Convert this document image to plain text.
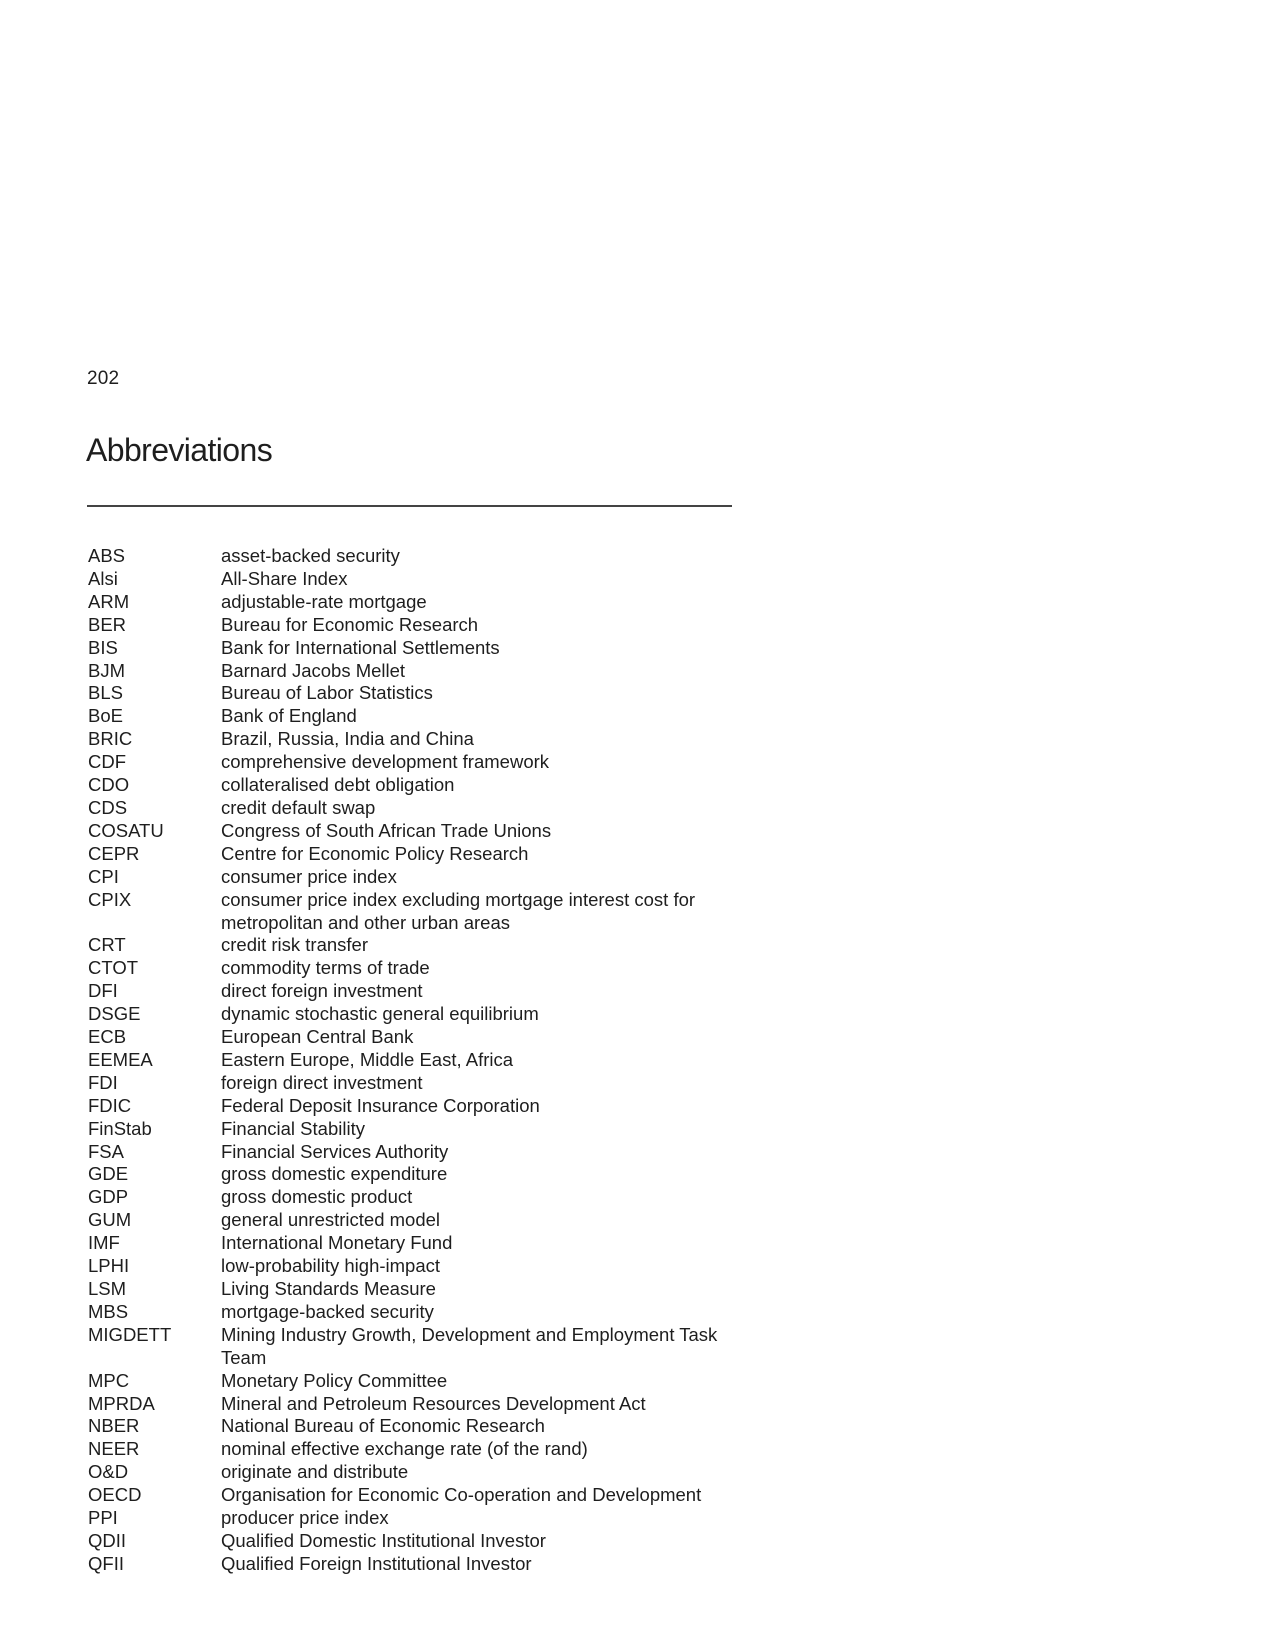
202
Abbreviations
ABS	asset-backed security
Alsi	All-Share Index
ARM	adjustable-rate mortgage
BER	Bureau for Economic Research
BIS	Bank for International Settlements
BJM	Barnard Jacobs Mellet
BLS	Bureau of Labor Statistics
BoE	Bank of England
BRIC	Brazil, Russia, India and China
CDF	comprehensive development framework
CDO	collateralised debt obligation
CDS	credit default swap
COSATU	Congress of South African Trade Unions
CEPR	Centre for Economic Policy Research
CPI	consumer price index
CPIX	consumer price index excluding mortgage interest cost for metropolitan and other urban areas
CRT	credit risk transfer
CTOT	commodity terms of trade
DFI	direct foreign investment
DSGE	dynamic stochastic general equilibrium
ECB	European Central Bank
EEMEA	Eastern Europe, Middle East, Africa
FDI	foreign direct investment
FDIC	Federal Deposit Insurance Corporation
FinStab	Financial Stability
FSA	Financial Services Authority
GDE	gross domestic expenditure
GDP	gross domestic product
GUM	general unrestricted model
IMF	International Monetary Fund
LPHI	low-probability high-impact
LSM	Living Standards Measure
MBS	mortgage-backed security
MIGDETT	Mining Industry Growth, Development and Employment Task Team
MPC	Monetary Policy Committee
MPRDA	Mineral and Petroleum Resources Development Act
NBER	National Bureau of Economic Research
NEER	nominal effective exchange rate (of the rand)
O&D	originate and distribute
OECD	Organisation for Economic Co-operation and Development
PPI	producer price index
QDII	Qualified Domestic Institutional Investor
QFII	Qualified Foreign Institutional Investor
